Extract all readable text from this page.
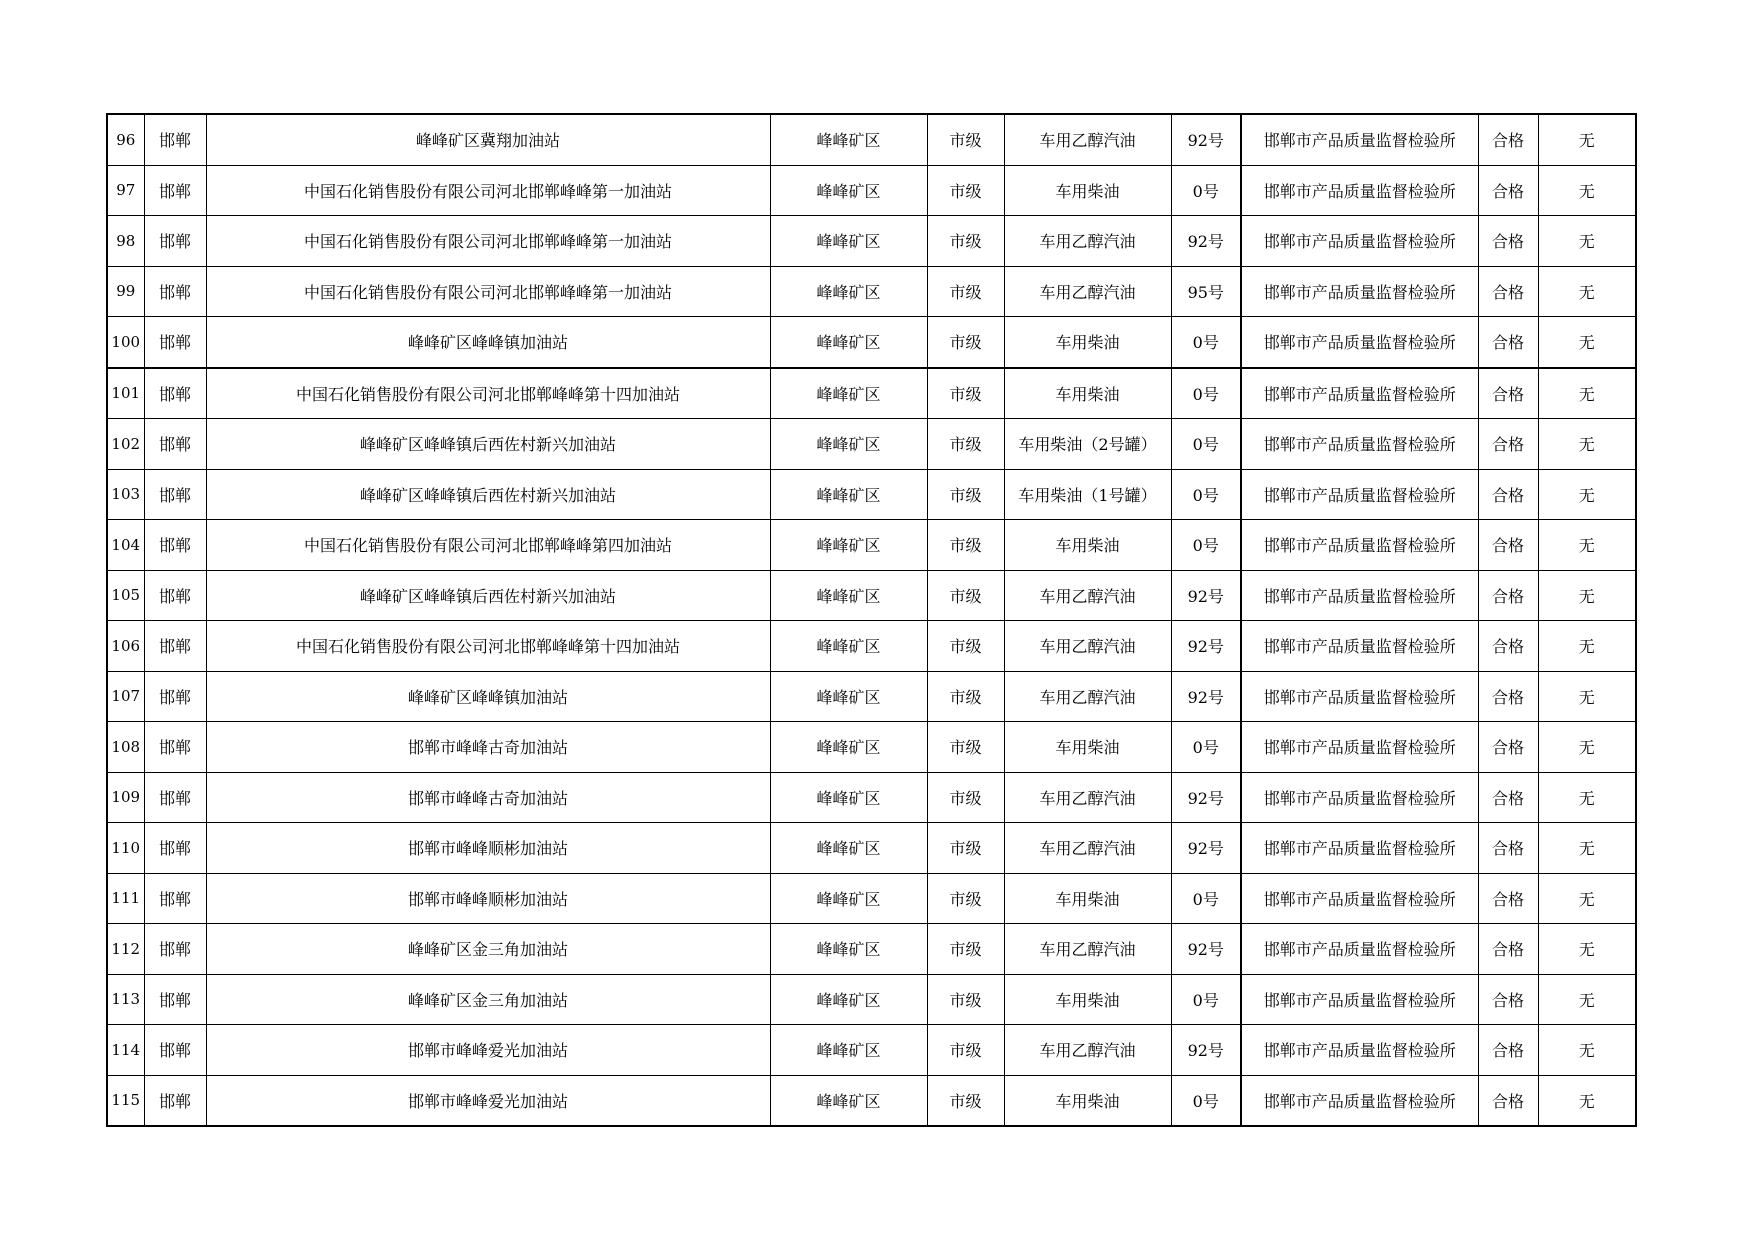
96	邯郸	峰峰矿区冀翔加油站	峰峰矿区	市级	车用乙醇汽油	92号	邯郸市产品质量监督检验所	合格	无
97	邯郸	中国石化销售股份有限公司河北邯郸峰峰第一加油站	峰峰矿区	市级	车用柴油	0号	邯郸市产品质量监督检验所	合格	无
98	邯郸	中国石化销售股份有限公司河北邯郸峰峰第一加油站	峰峰矿区	市级	车用乙醇汽油	92号	邯郸市产品质量监督检验所	合格	无
99	邯郸	中国石化销售股份有限公司河北邯郸峰峰第一加油站	峰峰矿区	市级	车用乙醇汽油	95号	邯郸市产品质量监督检验所	合格	无
100	邯郸	峰峰矿区峰峰镇加油站	峰峰矿区	市级	车用柴油	0号	邯郸市产品质量监督检验所	合格	无
101	邯郸	中国石化销售股份有限公司河北邯郸峰峰第十四加油站	峰峰矿区	市级	车用柴油	0号	邯郸市产品质量监督检验所	合格	无
102	邯郸	峰峰矿区峰峰镇后西佐村新兴加油站	峰峰矿区	市级	车用柴油（2号罐）	0号	邯郸市产品质量监督检验所	合格	无
103	邯郸	峰峰矿区峰峰镇后西佐村新兴加油站	峰峰矿区	市级	车用柴油（1号罐）	0号	邯郸市产品质量监督检验所	合格	无
104	邯郸	中国石化销售股份有限公司河北邯郸峰峰第四加油站	峰峰矿区	市级	车用柴油	0号	邯郸市产品质量监督检验所	合格	无
105	邯郸	峰峰矿区峰峰镇后西佐村新兴加油站	峰峰矿区	市级	车用乙醇汽油	92号	邯郸市产品质量监督检验所	合格	无
106	邯郸	中国石化销售股份有限公司河北邯郸峰峰第十四加油站	峰峰矿区	市级	车用乙醇汽油	92号	邯郸市产品质量监督检验所	合格	无
107	邯郸	峰峰矿区峰峰镇加油站	峰峰矿区	市级	车用乙醇汽油	92号	邯郸市产品质量监督检验所	合格	无
108	邯郸	邯郸市峰峰古奇加油站	峰峰矿区	市级	车用柴油	0号	邯郸市产品质量监督检验所	合格	无
109	邯郸	邯郸市峰峰古奇加油站	峰峰矿区	市级	车用乙醇汽油	92号	邯郸市产品质量监督检验所	合格	无
110	邯郸	邯郸市峰峰顺彬加油站	峰峰矿区	市级	车用乙醇汽油	92号	邯郸市产品质量监督检验所	合格	无
111	邯郸	邯郸市峰峰顺彬加油站	峰峰矿区	市级	车用柴油	0号	邯郸市产品质量监督检验所	合格	无
112	邯郸	峰峰矿区金三角加油站	峰峰矿区	市级	车用乙醇汽油	92号	邯郸市产品质量监督检验所	合格	无
113	邯郸	峰峰矿区金三角加油站	峰峰矿区	市级	车用柴油	0号	邯郸市产品质量监督检验所	合格	无
114	邯郸	邯郸市峰峰爱光加油站	峰峰矿区	市级	车用乙醇汽油	92号	邯郸市产品质量监督检验所	合格	无
115	邯郸	邯郸市峰峰爱光加油站	峰峰矿区	市级	车用柴油	0号	邯郸市产品质量监督检验所	合格	无
